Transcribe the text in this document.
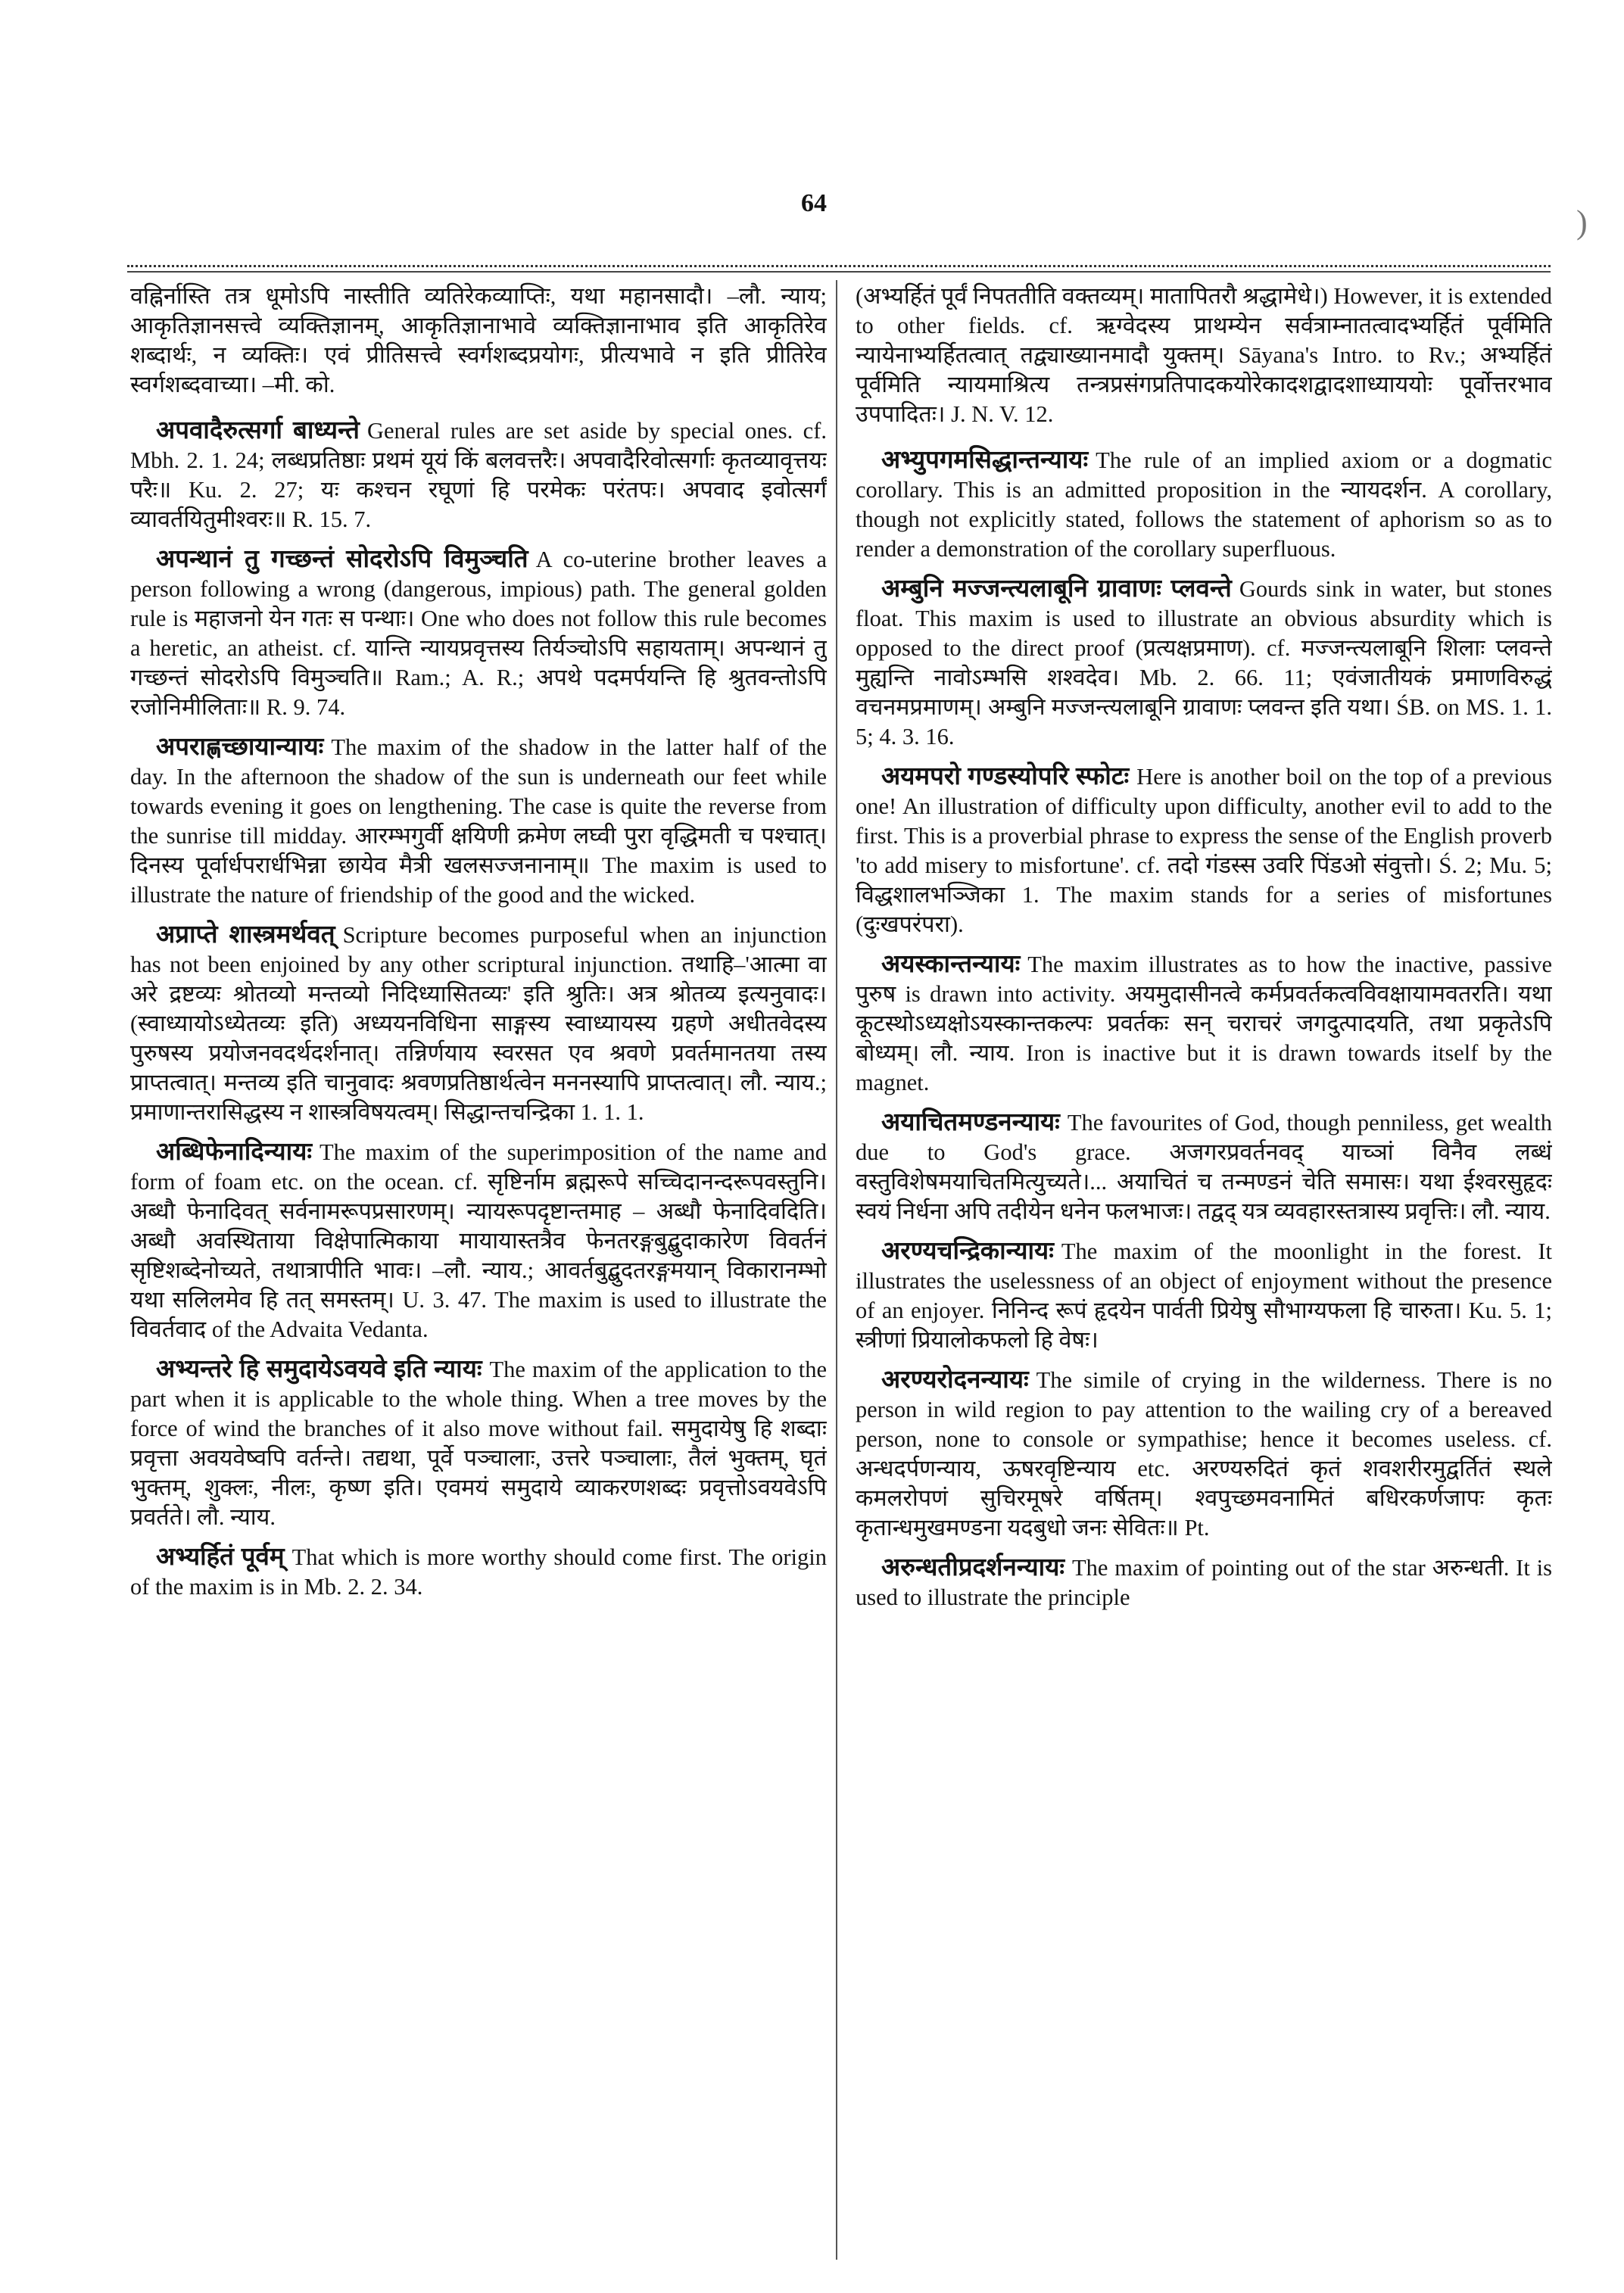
64
)

वह्निर्नास्ति तत्र धूमोऽपि नास्तीति व्यतिरेकव्याप्तिः, यथा महानसादौ। –लौ. न्याय; आकृतिज्ञानसत्त्वे व्यक्तिज्ञानम्, आकृतिज्ञानाभावे व्यक्तिज्ञानाभाव इति आकृतिरेव शब्दार्थः, न व्यक्तिः। एवं प्रीतिसत्त्वे स्वर्गशब्दप्रयोगः, प्रीत्यभावे न इति प्रीतिरेव स्वर्गशब्दवाच्या। –मी. को.

अपवादैरुत्सर्गा बाध्यन्ते General rules are set aside by special ones. cf. Mbh. 2. 1. 24; लब्धप्रतिष्ठाः प्रथमं यूयं किं बलवत्तरैः। अपवादैरिवोत्सर्गाः कृतव्यावृत्तयः परैः॥ Ku. 2. 27; यः कश्चन रघूणां हि परमेकः परंतपः। अपवाद इवोत्सर्गं व्यावर्तयितुमीश्वरः॥ R. 15. 7.

अपन्थानं तु गच्छन्तं सोदरोऽपि विमुञ्चति A co-uterine brother leaves a person following a wrong (dangerous, impious) path. The general golden rule is महाजनो येन गतः स पन्थाः। One who does not follow this rule becomes a heretic, an atheist. cf. यान्ति न्यायप्रवृत्तस्य तिर्यञ्चोऽपि सहायताम्। अपन्थानं तु गच्छन्तं सोदरोऽपि विमुञ्चति॥ Ram.; A. R.; अपथे पदमर्पयन्ति हि श्रुतवन्तोऽपि रजोनिमीलिताः॥ R. 9. 74.

अपराह्णच्छायान्यायः The maxim of the shadow in the latter half of the day. In the afternoon the shadow of the sun is underneath our feet while towards evening it goes on lengthening. The case is quite the reverse from the sunrise till midday. आरम्भगुर्वी क्षयिणी क्रमेण लघ्वी पुरा वृद्धिमती च पश्चात्। दिनस्य पूर्वार्धपरार्धभिन्ना छायेव मैत्री खलसज्जनानाम्॥ The maxim is used to illustrate the nature of friendship of the good and the wicked.

अप्राप्ते शास्त्रमर्थवत् Scripture becomes purposeful when an injunction has not been enjoined by any other scriptural injunction. तथाहि–'आत्मा वा अरे द्रष्टव्यः श्रोतव्यो मन्तव्यो निदिध्यासितव्यः' इति श्रुतिः। अत्र श्रोतव्य इत्यनुवादः। (स्वाध्यायोऽध्येतव्यः इति) अध्ययनविधिना साङ्गस्य स्वाध्यायस्य ग्रहणे अधीतवेदस्य पुरुषस्य प्रयोजनवदर्थदर्शनात्। तन्निर्णयाय स्वरसत एव श्रवणे प्रवर्तमानतया तस्य प्राप्तत्वात्। मन्तव्य इति चानुवादः श्रवणप्रतिष्ठार्थत्वेन मननस्यापि प्राप्तत्वात्। लौ. न्याय.; प्रमाणान्तरासिद्धस्य न शास्त्रविषयत्वम्। सिद्धान्तचन्द्रिका 1. 1. 1.

अब्धिफेनादिन्यायः The maxim of the superimposition of the name and form of foam etc. on the ocean. cf. सृष्टिर्नाम ब्रह्मरूपे सच्चिदानन्दरूपवस्तुनि। अब्धौ फेनादिवत् सर्वनामरूपप्रसारणम्। न्यायरूपदृष्टान्तमाह – अब्धौ फेनादिवदिति। अब्धौ अवस्थिताया विक्षेपात्मिकाया मायायास्तत्रैव फेनतरङ्गबुद्बुदाकारेण विवर्तनं सृष्टिशब्देनोच्यते, तथात्रापीति भावः। –लौ. न्याय.; आवर्तबुद्बुदतरङ्गमयान् विकारानम्भो यथा सलिलमेव हि तत् समस्तम्। U. 3. 47. The maxim is used to illustrate the विवर्तवाद of the Advaita Vedanta.

अभ्यन्तरे हि समुदायेऽवयवे इति न्यायः The maxim of the application to the part when it is applicable to the whole thing. When a tree moves by the force of wind the branches of it also move without fail. समुदायेषु हि शब्दाः प्रवृत्ता अवयवेष्वपि वर्तन्ते। तद्यथा, पूर्वे पञ्चालाः, उत्तरे पञ्चालाः, तैलं भुक्तम्, घृतं भुक्तम्, शुक्लः, नीलः, कृष्ण इति। एवमयं समुदाये व्याकरणशब्दः प्रवृत्तोऽवयवेऽपि प्रवर्तते। लौ. न्याय.

अभ्यर्हितं पूर्वम् That which is more worthy should come first. The origin of the maxim is in Mb. 2. 2. 34.

(अभ्यर्हितं पूर्वं निपततीति वक्तव्यम्। मातापितरौ श्रद्धामेधे।) However, it is extended to other fields. cf. ऋग्वेदस्य प्राथम्येन सर्वत्राम्नातत्वादभ्यर्हितं पूर्वमिति न्यायेनाभ्यर्हितत्वात् तद्व्याख्यानमादौ युक्तम्। Sāyana's Intro. to Rv.; अभ्यर्हितं पूर्वमिति न्यायमाश्रित्य तन्त्रप्रसंगप्रतिपादकयोरेकादशद्वादशाध्याययोः पूर्वोत्तरभाव उपपादितः। J. N. V. 12.

अभ्युपगमसिद्धान्तन्यायः The rule of an implied axiom or a dogmatic corollary. This is an admitted proposition in the न्यायदर्शन. A corollary, though not explicitly stated, follows the statement of aphorism so as to render a demonstration of the corollary superfluous.

अम्बुनि मज्जन्त्यलाबूनि ग्रावाणः प्लवन्ते Gourds sink in water, but stones float. This maxim is used to illustrate an obvious absurdity which is opposed to the direct proof (प्रत्यक्षप्रमाण). cf. मज्जन्त्यलाबूनि शिलाः प्लवन्ते मुह्यन्ति नावोऽम्भसि शश्वदेव। Mb. 2. 66. 11; एवंजातीयकं प्रमाणविरुद्धं वचनमप्रमाणम्। अम्बुनि मज्जन्त्यलाबूनि ग्रावाणः प्लवन्त इति यथा। ŚB. on MS. 1. 1. 5; 4. 3. 16.

अयमपरो गण्डस्योपरि स्फोटः Here is another boil on the top of a previous one! An illustration of difficulty upon difficulty, another evil to add to the first. This is a proverbial phrase to express the sense of the English proverb 'to add misery to misfortune'. cf. तदो गंडस्स उवरि पिंडओ संवुत्तो। Ś. 2; Mu. 5; विद्धशालभञ्जिका 1. The maxim stands for a series of misfortunes (दुःखपरंपरा).

अयस्कान्तन्यायः The maxim illustrates as to how the inactive, passive पुरुष is drawn into activity. अयमुदासीनत्वे कर्मप्रवर्तकत्वविवक्षायामवतरति। यथा कूटस्थोऽध्यक्षोऽयस्कान्तकल्पः प्रवर्तकः सन् चराचरं जगदुत्पादयति, तथा प्रकृतेऽपि बोध्यम्। लौ. न्याय. Iron is inactive but it is drawn towards itself by the magnet.

अयाचितमण्डनन्यायः The favourites of God, though penniless, get wealth due to God's grace. अजगरप्रवर्तनवद् याच्ञां विनैव लब्धं वस्तुविशेषमयाचितमित्युच्यते।... अयाचितं च तन्मण्डनं चेति समासः। यथा ईश्वरसुहृदः स्वयं निर्धना अपि तदीयेन धनेन फलभाजः। तद्वद् यत्र व्यवहारस्तत्रास्य प्रवृत्तिः। लौ. न्याय.

अरण्यचन्द्रिकान्यायः The maxim of the moonlight in the forest. It illustrates the uselessness of an object of enjoyment without the presence of an enjoyer. निनिन्द रूपं हृदयेन पार्वती प्रियेषु सौभाग्यफला हि चारुता। Ku. 5. 1; स्त्रीणां प्रियालोकफलो हि वेषः।

अरण्यरोदनन्यायः The simile of crying in the wilderness. There is no person in wild region to pay attention to the wailing cry of a bereaved person, none to console or sympathise; hence it becomes useless. cf. अन्धदर्पणन्याय, ऊषरवृष्टिन्याय etc. अरण्यरुदितं कृतं शवशरीरमुद्वर्तितं स्थले कमलरोपणं सुचिरमूषरे वर्षितम्। श्वपुच्छमवनामितं बधिरकर्णजापः कृतः कृतान्धमुखमण्डना यदबुधो जनः सेवितः॥ Pt.

अरुन्धतीप्रदर्शनन्यायः The maxim of pointing out of the star अरुन्धती. It is used to illustrate the principle
